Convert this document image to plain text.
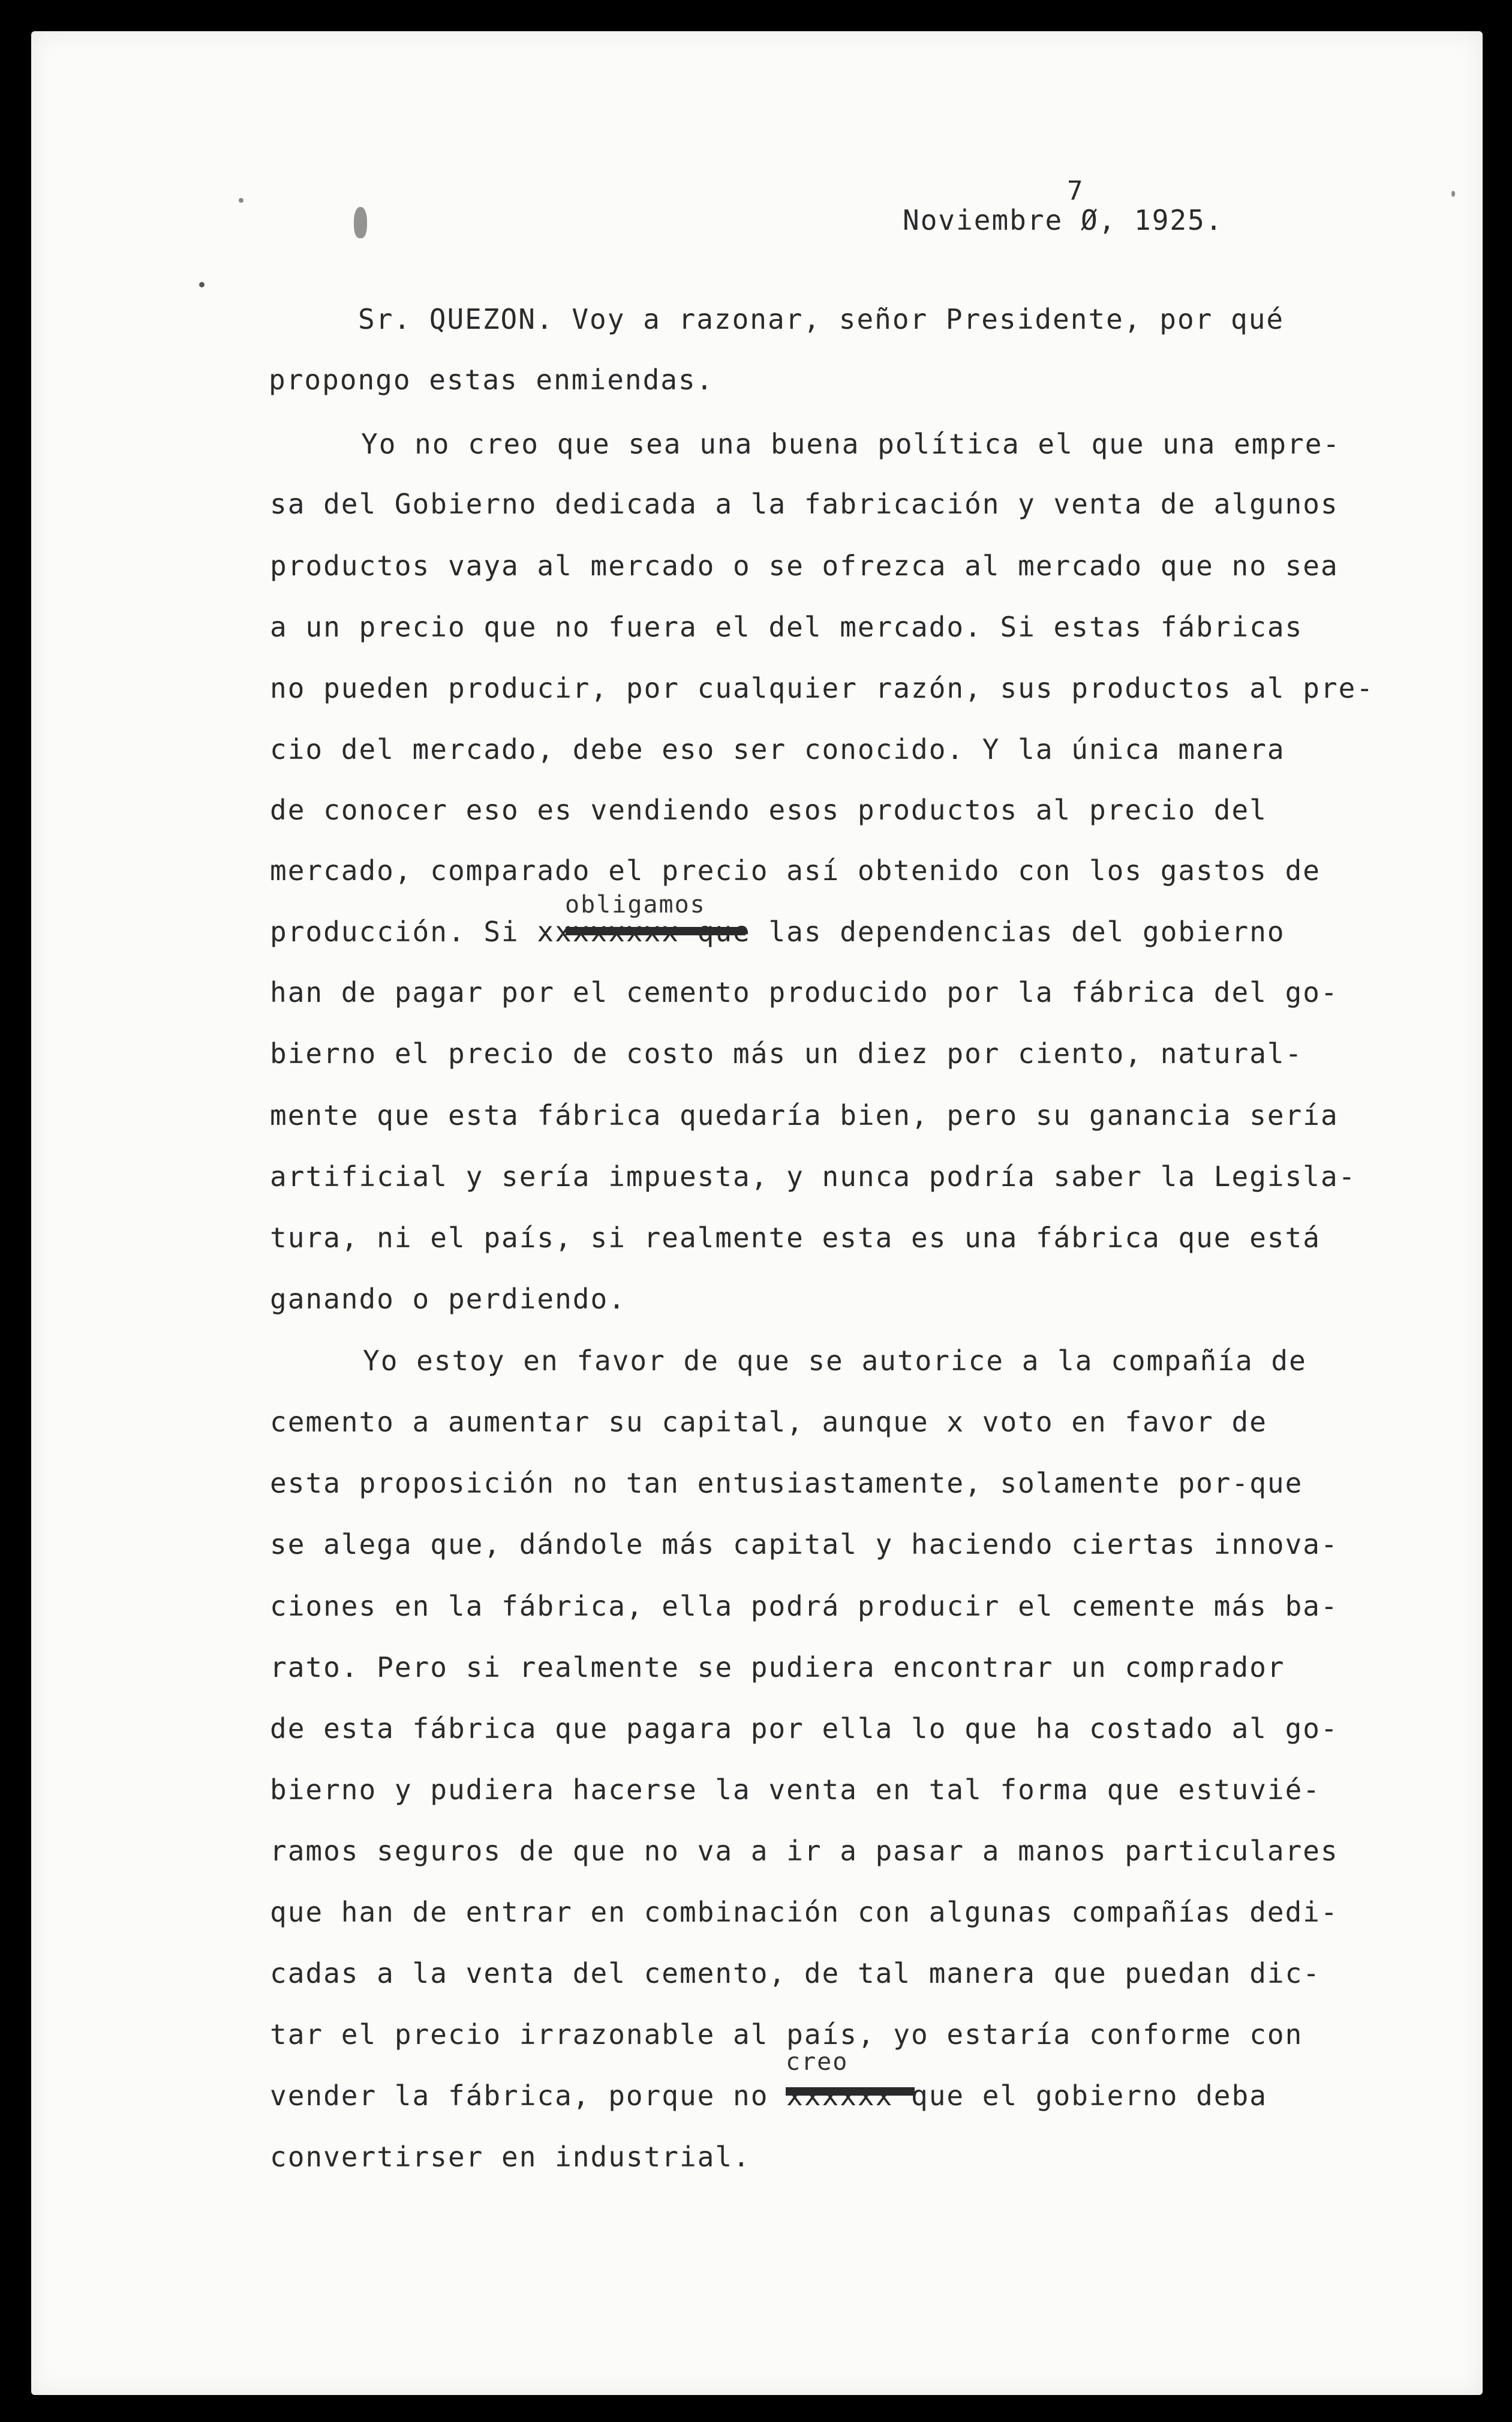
7
Noviembre Ø, 1925.
obligamos
creo
Sr. QUEZON. Voy a razonar, señor Presidente, por qué
propongo estas enmiendas.
Yo no creo que sea una buena política el que una empre-
sa del Gobierno dedicada a la fabricación y venta de algunos
productos vaya al mercado o se ofrezca al mercado que no sea
a un precio que no fuera el del mercado. Si estas fábricas
no pueden producir, por cualquier razón, sus productos al pre-
cio del mercado, debe eso ser conocido. Y la única manera
de conocer eso es vendiendo esos productos al precio del
mercado, comparado el precio así obtenido con los gastos de
producción. Si xxxxxxxx que las dependencias del gobierno
han de pagar por el cemento producido por la fábrica del go-
bierno el precio de costo más un diez por ciento, natural-
mente que esta fábrica quedaría bien, pero su ganancia sería
artificial y sería impuesta, y nunca podría saber la Legisla-
tura, ni el país, si realmente esta es una fábrica que está
ganando o perdiendo.
Yo estoy en favor de que se autorice a la compañía de
cemento a aumentar su capital, aunque x voto en favor de
esta proposición no tan entusiastamente, solamente por-que
se alega que, dándole más capital y haciendo ciertas innova-
ciones en la fábrica, ella podrá producir el cemente más ba-
rato. Pero si realmente se pudiera encontrar un comprador
de esta fábrica que pagara por ella lo que ha costado al go-
bierno y pudiera hacerse la venta en tal forma que estuvié-
ramos seguros de que no va a ir a pasar a manos particulares
que han de entrar en combinación con algunas compañías dedi-
cadas a la venta del cemento, de tal manera que puedan dic-
tar el precio irrazonable al país, yo estaría conforme con
vender la fábrica, porque no xxxxxx que el gobierno deba
convertirser en industrial.
